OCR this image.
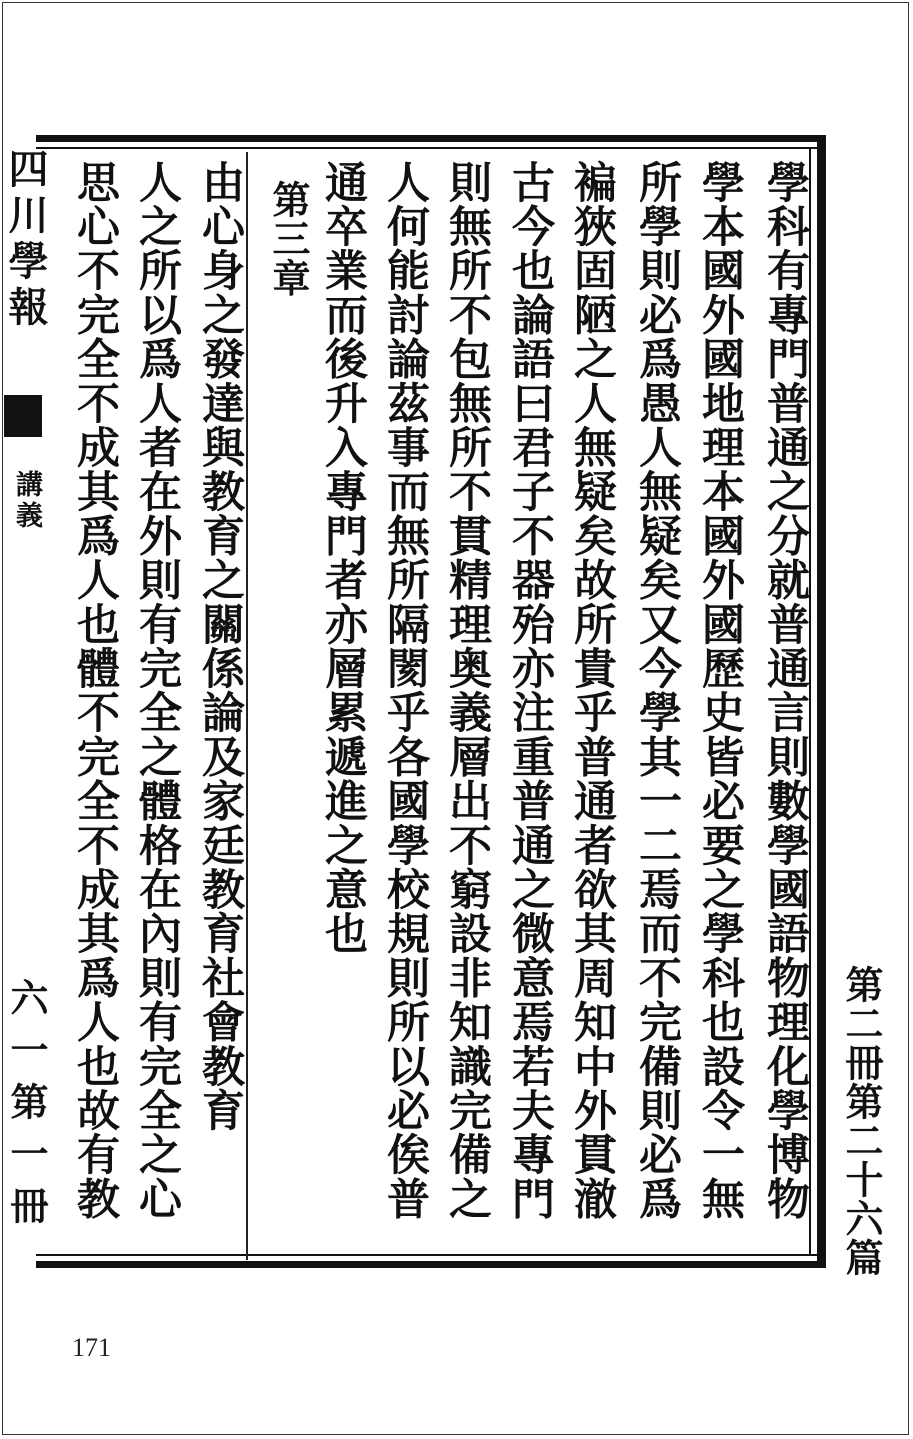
四川學報
講義
六一第一冊	第二冊第二十六篇
學科有專門普通之分就普通言則數學國語物理化學博物
學本國外國地理本國外國歷史皆必要之學科也設令一無
所學則必爲愚人無疑矣又今學其一二焉而不完備則必爲
褊狹固陋之人無疑矣故所貴乎普通者欲其周知中外貫澈
古今也論語曰君子不器殆亦注重普通之微意焉若夫專門
則無所不包無所不貫精理奥義層出不窮設非知識完備之
人何能討論茲事而無所隔閡乎各國學校規則所以必俟普
通卒業而後升入專門者亦層累遞進之意也
第三章
由心身之發達與教育之關係論及家廷教育社會教育
人之所以爲人者在外則有完全之體格在內則有完全之心
思心不完全不成其爲人也體不完全不成其爲人也故有教
171
